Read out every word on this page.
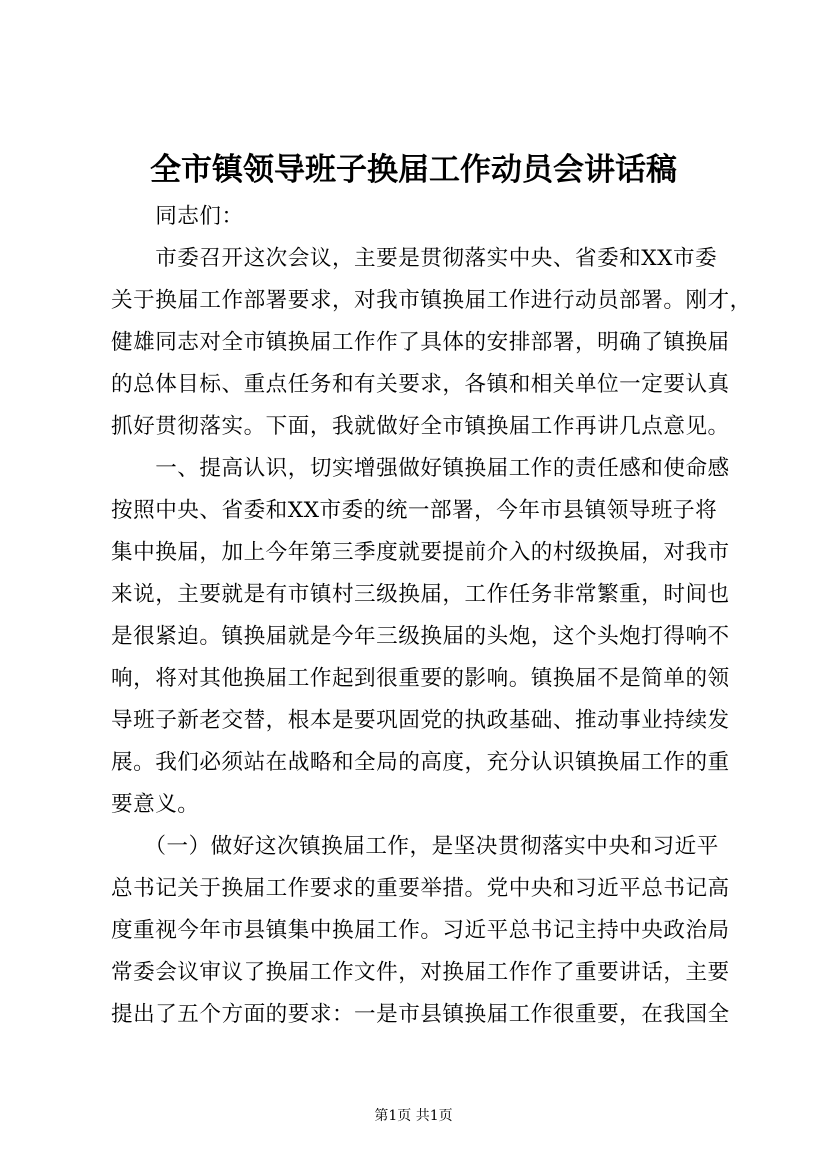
全市镇领导班子换届工作动员会讲话稿
　　同志们：
　　市委召开这次会议，主要是贯彻落实中央、省委和XX市委
关于换届工作部署要求，对我市镇换届工作进行动员部署。刚才，
健雄同志对全市镇换届工作作了具体的安排部署，明确了镇换届
的总体目标、重点任务和有关要求，各镇和相关单位一定要认真
抓好贯彻落实。下面，我就做好全市镇换届工作再讲几点意见。
　　一、提高认识，切实增强做好镇换届工作的责任感和使命感
按照中央、省委和XX市委的统一部署，今年市县镇领导班子将
集中换届，加上今年第三季度就要提前介入的村级换届，对我市
来说，主要就是有市镇村三级换届，工作任务非常繁重，时间也
是很紧迫。镇换届就是今年三级换届的头炮，这个头炮打得响不
响，将对其他换届工作起到很重要的影响。镇换届不是简单的领
导班子新老交替，根本是要巩固党的执政基础、推动事业持续发
展。我们必须站在战略和全局的高度，充分认识镇换届工作的重
要意义。
　　（一）做好这次镇换届工作，是坚决贯彻落实中央和习近平
总书记关于换届工作要求的重要举措。党中央和习近平总书记高
度重视今年市县镇集中换届工作。习近平总书记主持中央政治局
常委会议审议了换届工作文件，对换届工作作了重要讲话，主要
提出了五个方面的要求：一是市县镇换届工作很重要，在我国全
第1页 共1页
